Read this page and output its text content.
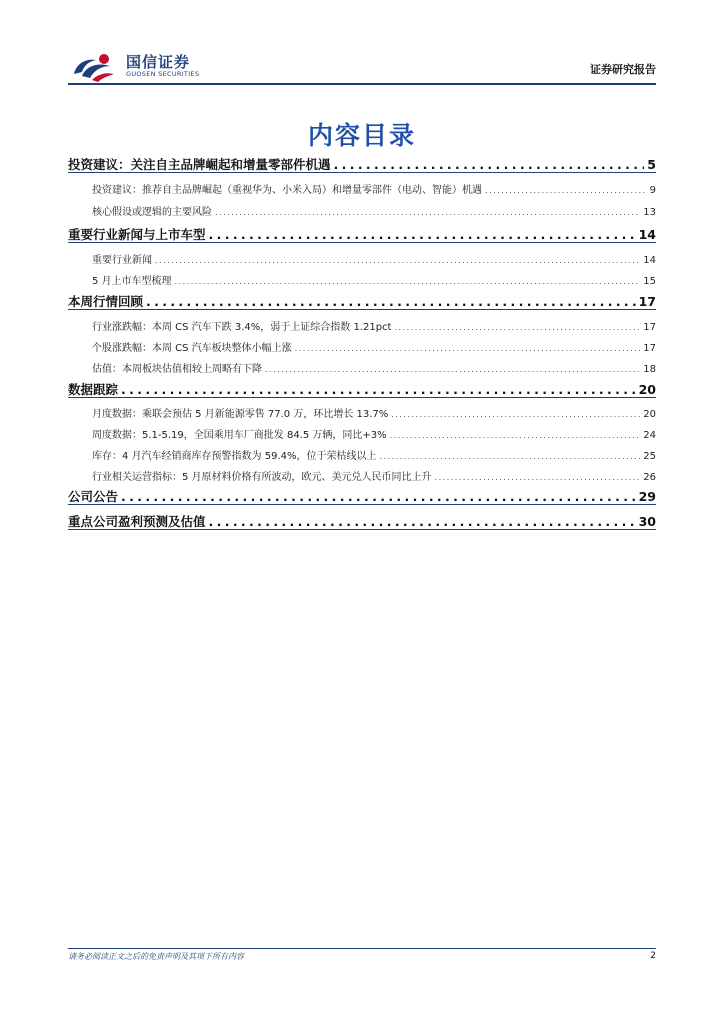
国信证券
GUOSEN SECURITIES	证券研究报告
内容目录
投资建议：关注自主品牌崛起和增量零部件机遇 . . .	5
投资建议：推荐自主品牌崛起（重视华为、小米入局）和增量零部件（电动、智能）机遇 .....	9
核心假设或逻辑的主要风险 .....	13
重要行业新闻与上市车型 . . .	14
重要行业新闻 .....	14
5 月上市车型梳理 .....	15
本周行情回顾 . . .	17
行业涨跌幅：本周 CS 汽车下跌 3.4%，弱于上证综合指数 1.21pct .....	17
个股涨跌幅：本周 CS 汽车板块整体小幅上涨 .....	17
估值：本周板块估值相较上周略有下降 .....	18
数据跟踪 . . .	20
月度数据：乘联会预估 5 月新能源零售 77.0 万，环比增长 13.7% .....	20
周度数据：5.1-5.19，全国乘用车厂商批发 84.5 万辆，同比+3% .....	24
库存：4 月汽车经销商库存预警指数为 59.4%，位于荣枯线以上 .....	25
行业相关运营指标：5 月原材料价格有所波动，欧元、美元兑人民币同比上升 .....	26
公司公告 . . .	29
重点公司盈利预测及估值 . . .	30
请务必阅读正文之后的免责声明及其项下所有内容	2
